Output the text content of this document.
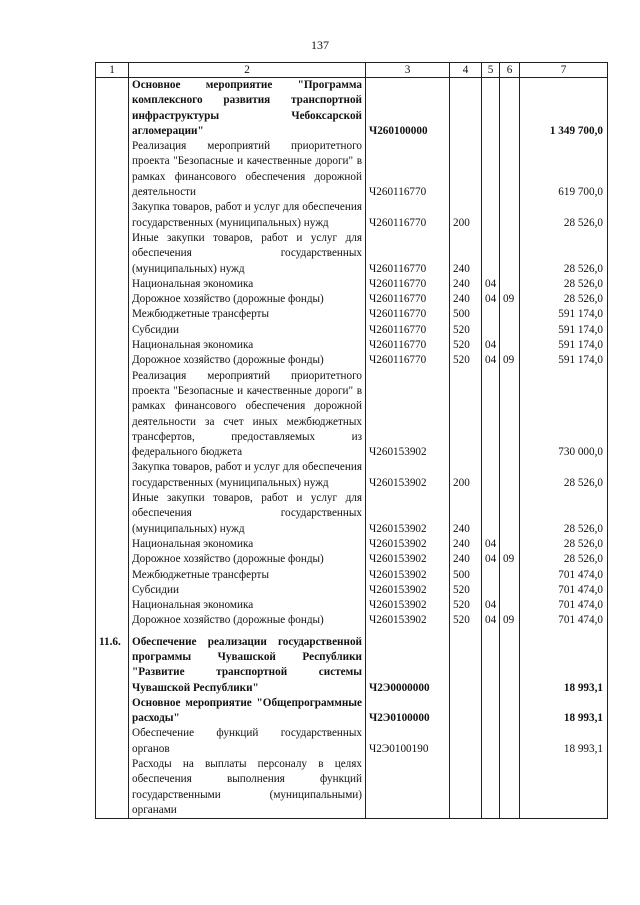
137
1	2	3	4	5	6	7
	Основное мероприятие "Программа комплексного развития транспортной инфраструктуры Чебоксарской агломерации"	Ч260100000				1 349 700,0
	Реализация мероприятий приоритетного проекта "Безопасные и качественные дороги" в рамках финансового обеспечения дорожной деятельности	Ч260116770				619 700,0
	Закупка товаров, работ и услуг для обеспечения государственных (муниципальных) нужд	Ч260116770	200			28 526,0
	Иные закупки товаров, работ и услуг для обеспечения государственных (муниципальных) нужд	Ч260116770	240			28 526,0
	Национальная экономика	Ч260116770	240	04		28 526,0
	Дорожное хозяйство (дорожные фонды)	Ч260116770	240	04	09	28 526,0
	Межбюджетные трансферты	Ч260116770	500			591 174,0
	Субсидии	Ч260116770	520			591 174,0
	Национальная экономика	Ч260116770	520	04		591 174,0
	Дорожное хозяйство (дорожные фонды)	Ч260116770	520	04	09	591 174,0
	Реализация мероприятий приоритетного проекта "Безопасные и качественные дороги" в рамках финансового обеспечения дорожной деятельности за счет иных межбюджетных трансфертов, предоставляемых из федерального бюджета	Ч260153902				730 000,0
	Закупка товаров, работ и услуг для обеспечения государственных (муниципальных) нужд	Ч260153902	200			28 526,0
	Иные закупки товаров, работ и услуг для обеспечения государственных (муниципальных) нужд	Ч260153902	240			28 526,0
	Национальная экономика	Ч260153902	240	04		28 526,0
	Дорожное хозяйство (дорожные фонды)	Ч260153902	240	04	09	28 526,0
	Межбюджетные трансферты	Ч260153902	500			701 474,0
	Субсидии	Ч260153902	520			701 474,0
	Национальная экономика	Ч260153902	520	04		701 474,0
	Дорожное хозяйство (дорожные фонды)	Ч260153902	520	04	09	701 474,0

11.6.	Обеспечение реализации государственной программы Чувашской Республики "Развитие транспортной системы Чувашской Республики"	Ч2Э0000000				18 993,1
	Основное мероприятие "Общепрограммные расходы"	Ч2Э0100000				18 993,1
	Обеспечение функций государственных органов	Ч2Э0100190				18 993,1
	Расходы на выплаты персоналу в целях обеспечения выполнения функций государственными (муниципальными) органами					
